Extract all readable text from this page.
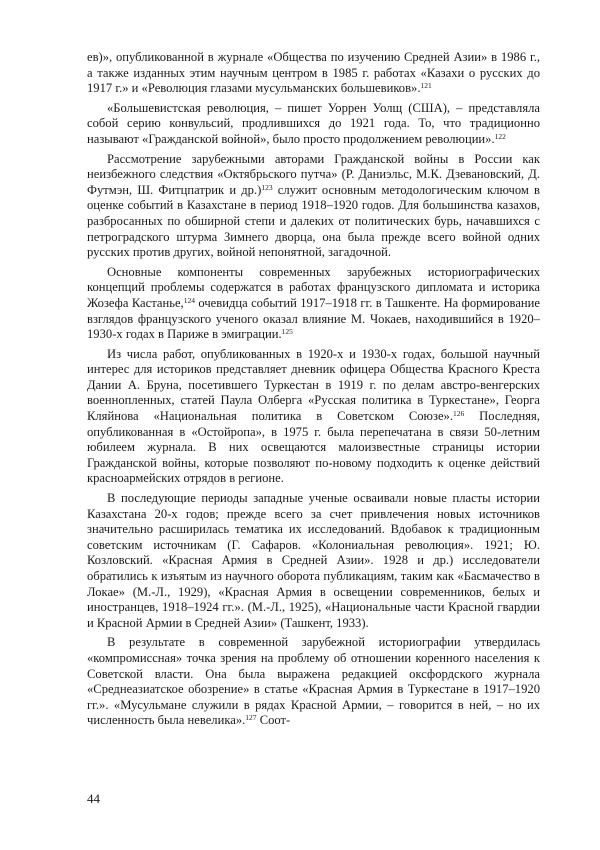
ев)», опубликованной в журнале «Общества по изучению Средней Азии» в 1986 г., а также изданных этим научным центром в 1985 г. работах «Казахи о русских до 1917 г.» и «Революция глазами мусульманских большевиков».$^{121}$

«Большевистская революция, – пишет Уоррен Уолщ (США), – представляла собой серию конвульсий, продлившихся до 1921 года. То, что традиционно называют «Гражданской войной», было просто продолжением революции».$^{122}$

Рассмотрение зарубежными авторами Гражданской войны в России как неизбежного следствия «Октябрьского путча» (Р. Даниэльс, М.К. Дзевановский, Д. Футмэн, Ш. Фитцпатрик и др.)$^{123}$ служит основным методологическим ключом в оценке событий в Казахстане в период 1918–1920 годов. Для большинства казахов, разбросанных по обширной степи и далеких от политических бурь, начавшихся с петроградского штурма Зимнего дворца, она была прежде всего войной одних русских против других, войной непонятной, загадочной.

Основные компоненты современных зарубежных историографических концепций проблемы содержатся в работах французского дипломата и историка Жозефа Кастанье,$^{124}$ очевидца событий 1917–1918 гг. в Ташкенте. На формирование взглядов французского ученого оказал влияние М. Чокаев, находившийся в 1920–1930-х годах в Париже в эмиграции.$^{125}$

Из числа работ, опубликованных в 1920-х и 1930-х годах, большой научный интерес для историков представляет дневник офицера Общества Красного Креста Дании А. Бруна, посетившего Туркестан в 1919 г. по делам австро-венгерских военнопленных, статей Паула Олберга «Русская политика в Туркестане», Георга Кляйнова «Национальная политика в Советском Союзе».$^{126}$ Последняя, опубликованная в «Остойропа», в 1975 г. была перепечатана в связи 50-летним юбилеем журнала. В них освещаются малоизвестные страницы истории Гражданской войны, которые позволяют по-новому подходить к оценке действий красноармейских отрядов в регионе.

В последующие периоды западные ученые осваивали новые пласты истории Казахстана 20-х годов; прежде всего за счет привлечения новых источников значительно расширилась тематика их исследований. Вдобавок к традиционным советским источникам (Г. Сафаров. «Колониальная революция». 1921; Ю. Козловский. «Красная Армия в Средней Азии». 1928 и др.) исследователи обратились к изъятым из научного оборота публикациям, таким как «Басмачество в Локае» (М.-Л., 1929), «Красная Армия в освещении современников, белых и иностранцев, 1918–1924 гг.». (М.-Л., 1925), «Национальные части Красной гвардии и Красной Армии в Средней Азии» (Ташкент, 1933).

В результате в современной зарубежной историографии утвердилась «компромиссная» точка зрения на проблему об отношении коренного населения к Советской власти. Она была выражена редакцией оксфордского журнала «Среднеазиатское обозрение» в статье «Красная Армия в Туркестане в 1917–1920 гг.». «Мусульмане служили в рядах Красной Армии, – говорится в ней, – но их численность была невелика».$^{127}$ Соот-

44
